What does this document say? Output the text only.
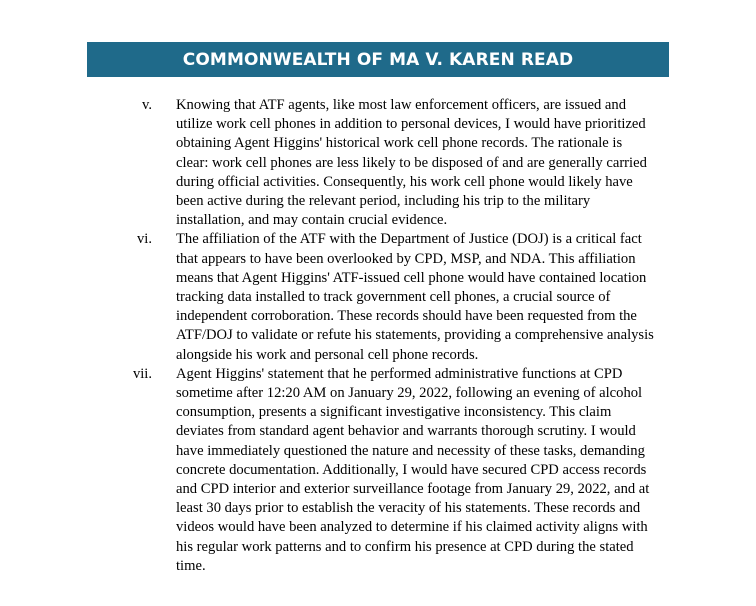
COMMONWEALTH OF MA V. KAREN READ
v. Knowing that ATF agents, like most law enforcement officers, are issued and
utilize work cell phones in addition to personal devices, I would have prioritized
obtaining Agent Higgins' historical work cell phone records. The rationale is
clear: work cell phones are less likely to be disposed of and are generally carried
during official activities. Consequently, his work cell phone would likely have
been active during the relevant period, including his trip to the military
installation, and may contain crucial evidence.
vi. The affiliation of the ATF with the Department of Justice (DOJ) is a critical fact
that appears to have been overlooked by CPD, MSP, and NDA. This affiliation
means that Agent Higgins' ATF-issued cell phone would have contained location
tracking data installed to track government cell phones, a crucial source of
independent corroboration. These records should have been requested from the
ATF/DOJ to validate or refute his statements, providing a comprehensive analysis
alongside his work and personal cell phone records.
vii. Agent Higgins' statement that he performed administrative functions at CPD
sometime after 12:20 AM on January 29, 2022, following an evening of alcohol
consumption, presents a significant investigative inconsistency. This claim
deviates from standard agent behavior and warrants thorough scrutiny. I would
have immediately questioned the nature and necessity of these tasks, demanding
concrete documentation. Additionally, I would have secured CPD access records
and CPD interior and exterior surveillance footage from January 29, 2022, and at
least 30 days prior to establish the veracity of his statements. These records and
videos would have been analyzed to determine if his claimed activity aligns with
his regular work patterns and to confirm his presence at CPD during the stated
time.
